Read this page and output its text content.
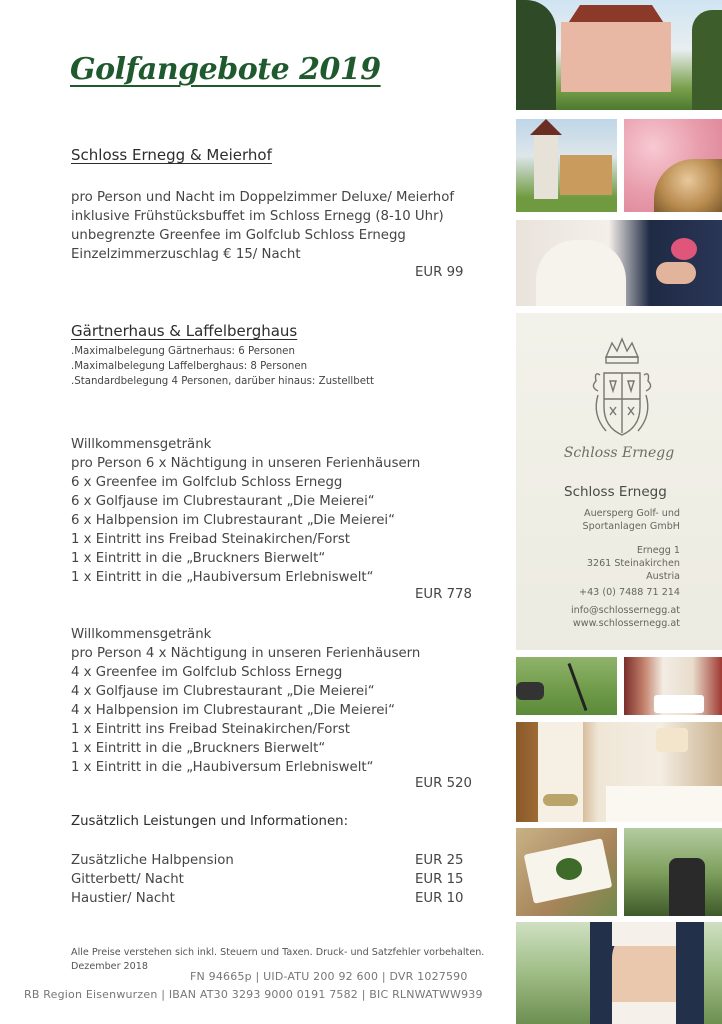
Golfangebote 2019
Schloss Ernegg & Meierhof
pro Person und Nacht im Doppelzimmer Deluxe/ Meierhof
inklusive Frühstücksbuffet im Schloss Ernegg (8-10 Uhr)
unbegrenzte Greenfee im Golfclub Schloss Ernegg
Einzelzimmerzuschlag € 15/ Nacht
EUR 99
Gärtnerhaus & Laffelberghaus
.Maximalbelegung Gärtnerhaus: 6 Personen
.Maximalbelegung Laffelberghaus: 8 Personen
.Standardbelegung 4 Personen, darüber hinaus: Zustellbett
Willkommensgetränk
pro Person 6 x Nächtigung in unseren Ferienhäusern
6 x Greenfee im Golfclub Schloss Ernegg
6 x Golfjause im Clubrestaurant „Die Meierei“
6 x Halbpension im Clubrestaurant „Die Meierei“
1 x Eintritt ins Freibad Steinakirchen/Forst
1 x Eintritt in die „Bruckners Bierwelt“
1 x Eintritt in die „Haubiversum Erlebniswelt“
EUR 778
Willkommensgetränk
pro Person 4 x Nächtigung in unseren Ferienhäusern
4 x Greenfee im Golfclub Schloss Ernegg
4 x Golfjause im Clubrestaurant „Die Meierei“
4 x Halbpension im Clubrestaurant „Die Meierei“
1 x Eintritt ins Freibad Steinakirchen/Forst
1 x Eintritt in die „Bruckners Bierwelt“
1 x Eintritt in die „Haubiversum Erlebniswelt“
EUR 520
Zusätzlich Leistungen und Informationen:
Zusätzliche Halbpension	EUR 25
Gitterbett/ Nacht	EUR 15
Haustier/ Nacht	EUR 10
Alle Preise verstehen sich inkl. Steuern und Taxen. Druck- und Satzfehler vorbehalten.
Dezember 2018
FN 94665p | UID-ATU 200 92 600 | DVR 1027590
RB Region Eisenwurzen | IBAN AT30 3293 9000 0191 7582 | BIC RLNWATWW939
Schloss Ernegg
Schloss Ernegg
Auersperg Golf- und
Sportanlagen GmbH
Ernegg 1
3261 Steinakirchen
Austria
+43 (0) 7488 71 214
info@schlossernegg.at
www.schlossernegg.at
